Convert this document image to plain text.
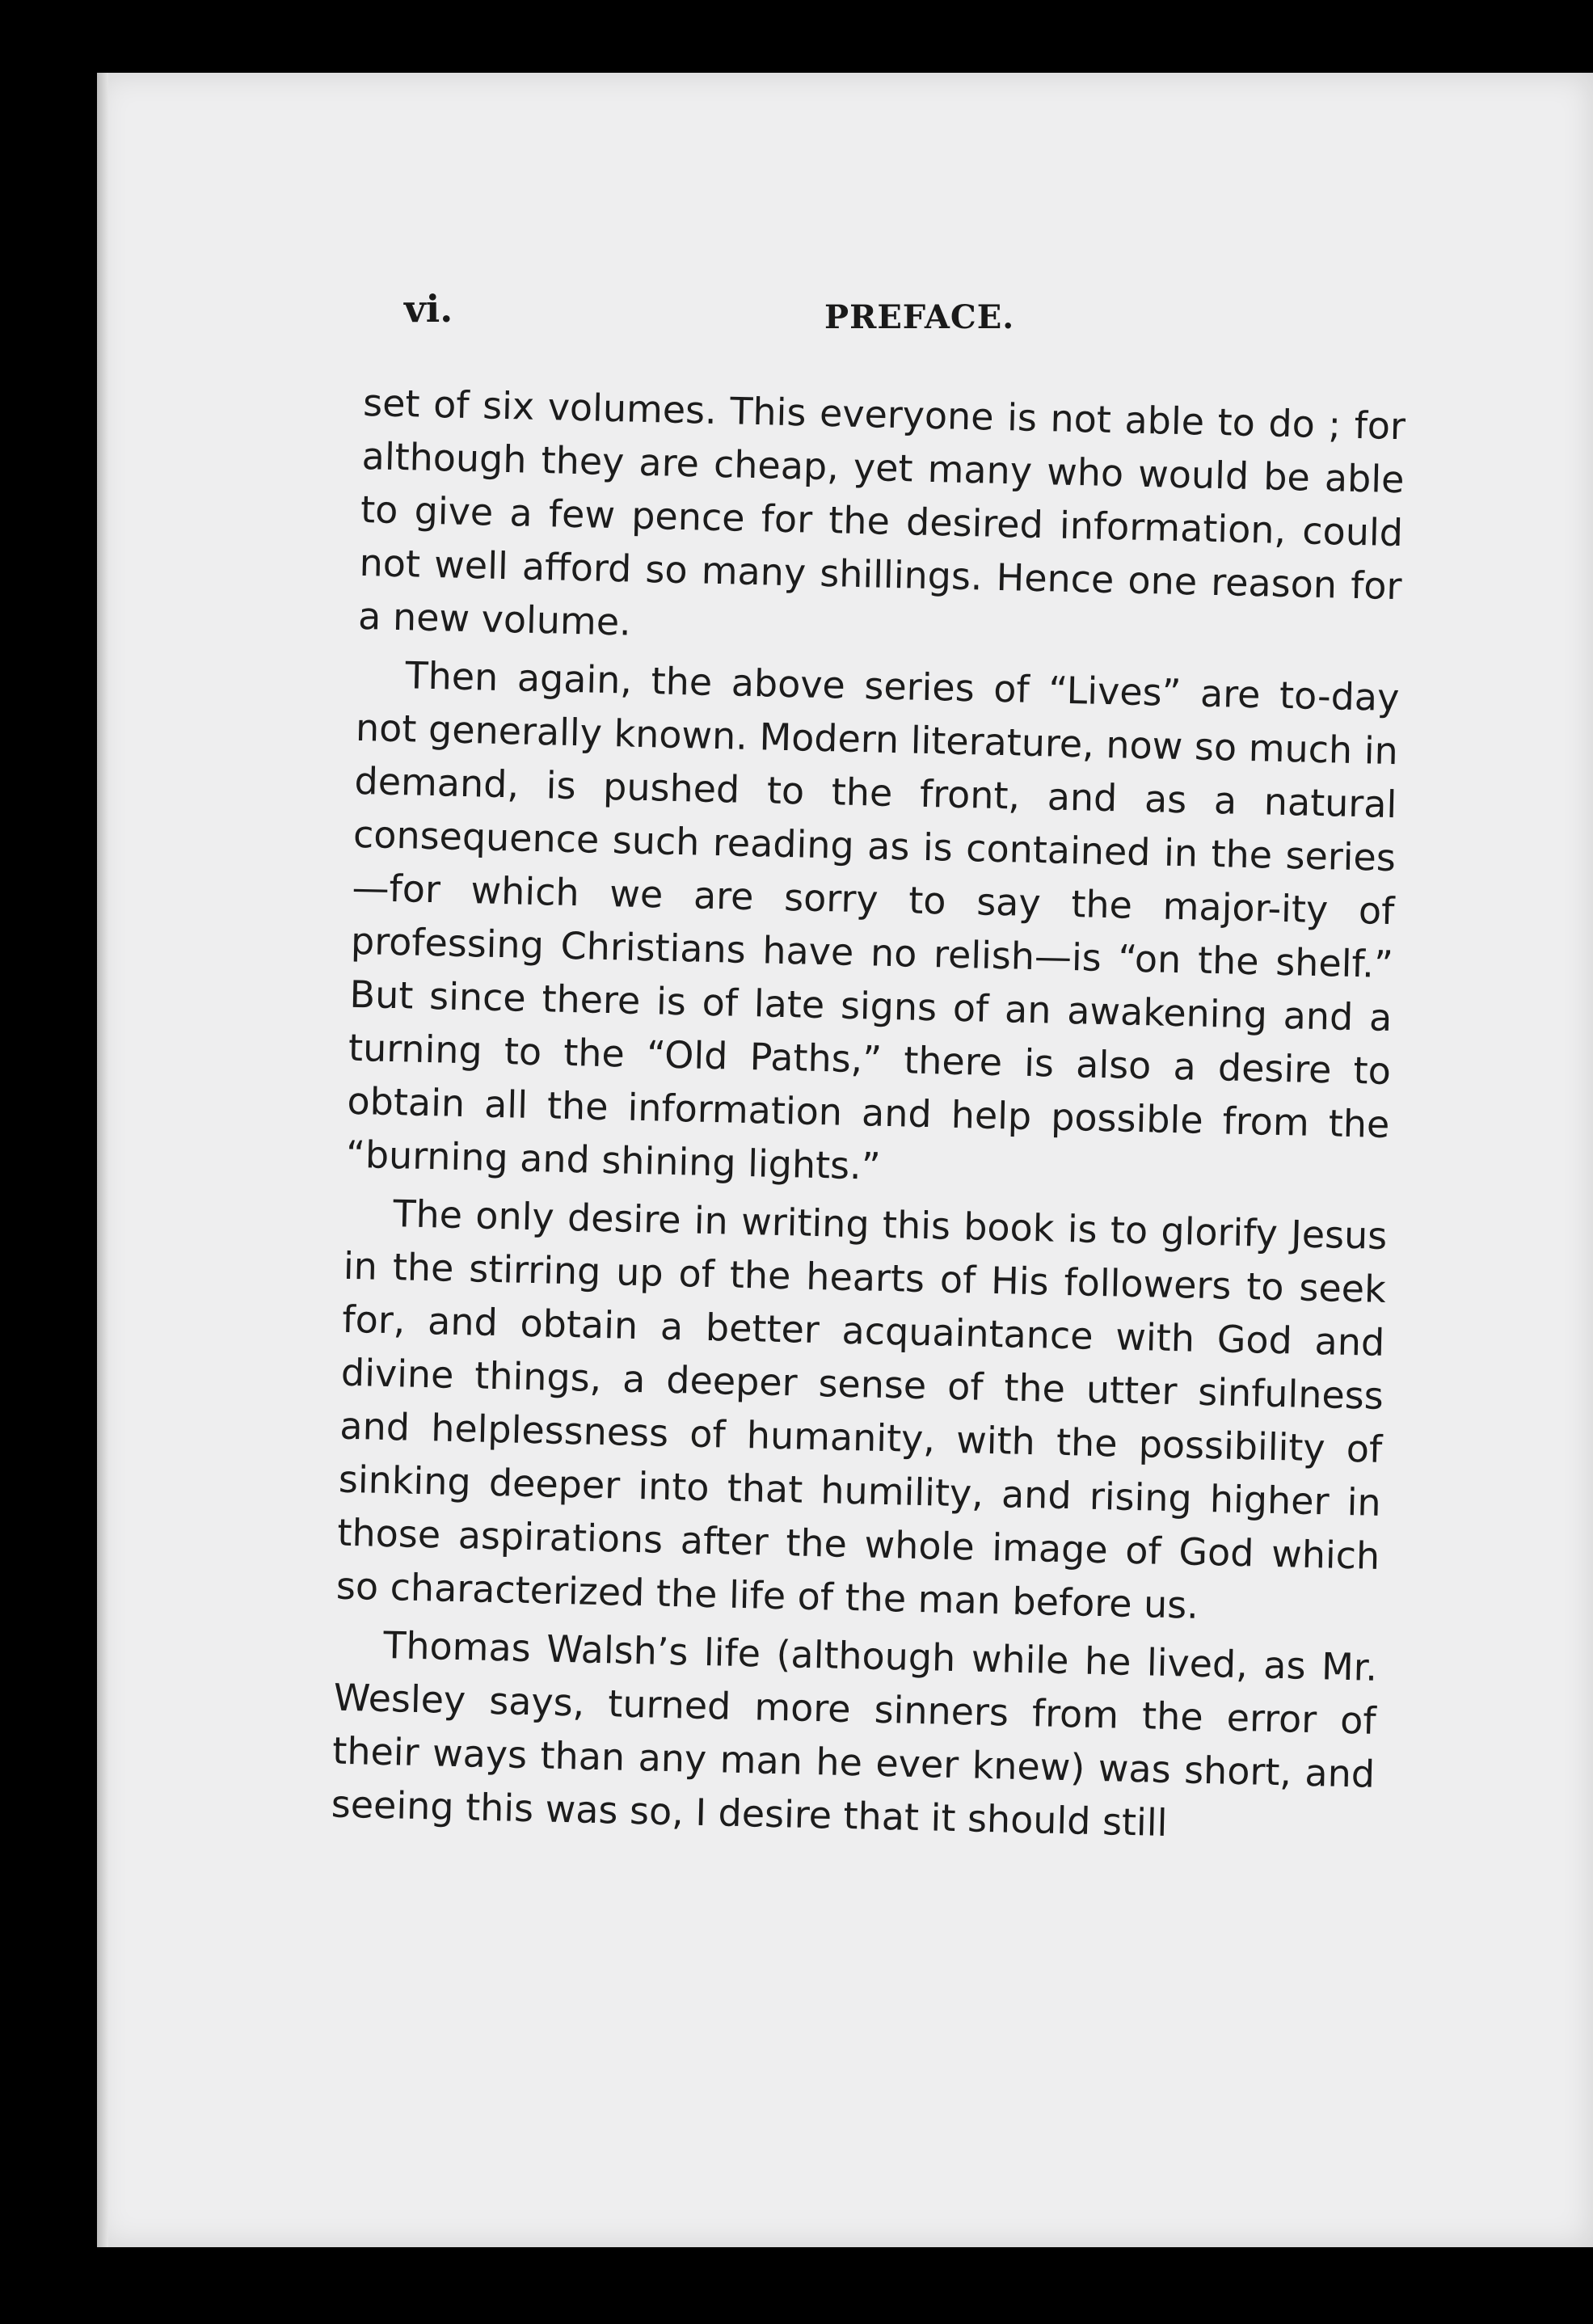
vi.	PREFACE.

set of six volumes. This everyone is not able to do ; for although they are cheap, yet many who would be able to give a few pence for the desired information, could not well afford so many shillings. Hence one reason for a new volume.

Then again, the above series of “Lives” are to-day not generally known. Modern literature, now so much in demand, is pushed to the front, and as a natural consequence such reading as is contained in the series—for which we are sorry to say the major-ity of professing Christians have no relish—is “on the shelf.” But since there is of late signs of an awakening and a turning to the “Old Paths,” there is also a desire to obtain all the information and help possible from the “burning and shining lights.”

The only desire in writing this book is to glorify Jesus in the stirring up of the hearts of His followers to seek for, and obtain a better acquaintance with God and divine things, a deeper sense of the utter sinfulness and helplessness of humanity, with the possibility of sinking deeper into that humility, and rising higher in those aspirations after the whole image of God which so characterized the life of the man before us.

Thomas Walsh’s life (although while he lived, as Mr. Wesley says, turned more sinners from the error of their ways than any man he ever knew) was short, and seeing this was so, I desire that it should still
